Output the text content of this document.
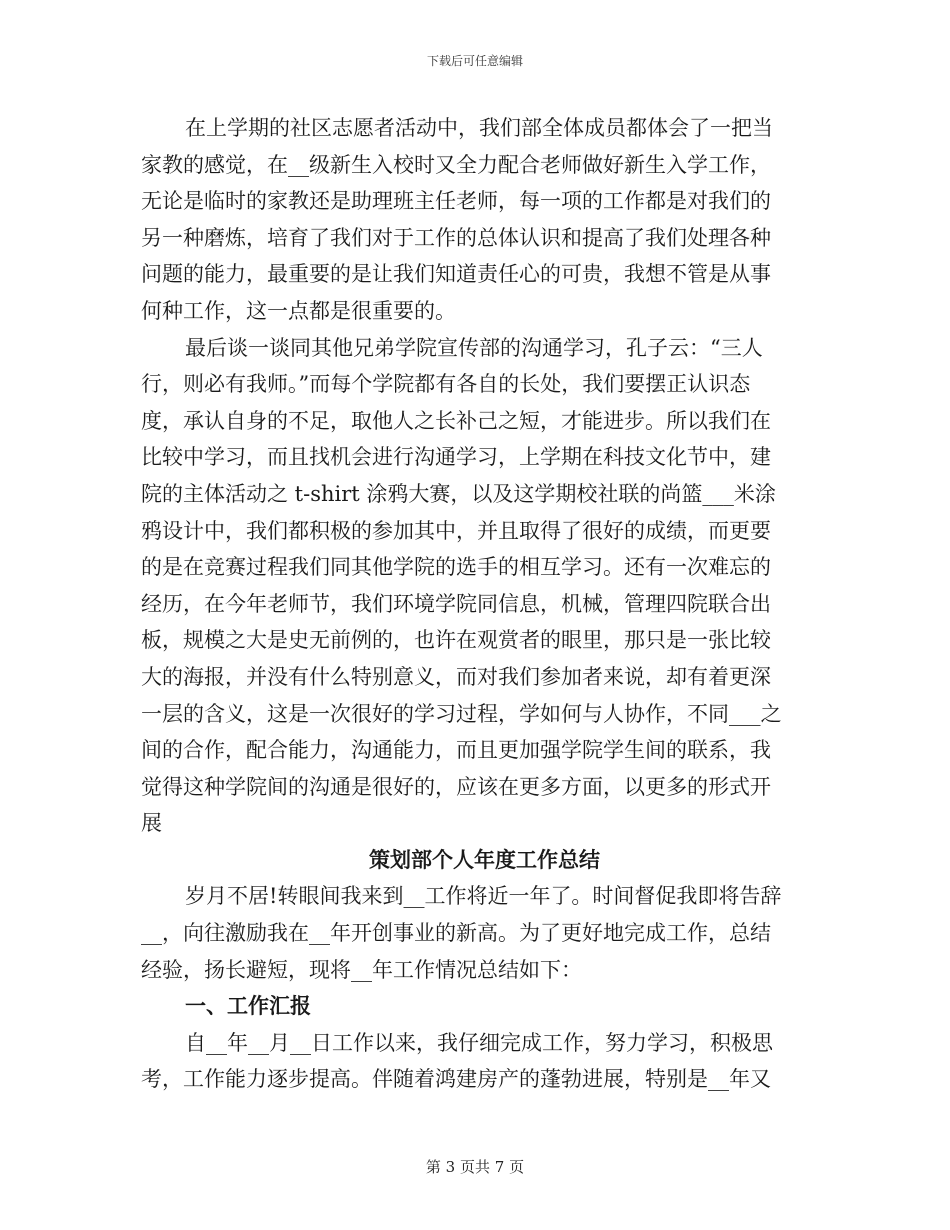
下载后可任意编辑
在上学期的社区志愿者活动中，我们部全体成员都体会了一把当
家教的感觉，在__级新生入校时又全力配合老师做好新生入学工作，
无论是临时的家教还是助理班主任老师，每一项的工作都是对我们的
另一种磨炼，培育了我们对于工作的总体认识和提高了我们处理各种
问题的能力，最重要的是让我们知道责任心的可贵，我想不管是从事
何种工作，这一点都是很重要的。
最后谈一谈同其他兄弟学院宣传部的沟通学习，孔子云：“三人
行，则必有我师。”而每个学院都有各自的长处，我们要摆正认识态
度，承认自身的不足，取他人之长补己之短，才能进步。所以我们在
比较中学习，而且找机会进行沟通学习，上学期在科技文化节中，建
院的主体活动之 t-shirt 涂鸦大赛，以及这学期校社联的尚篮___米涂
鸦设计中，我们都积极的参加其中，并且取得了很好的成绩，而更要
的是在竞赛过程我们同其他学院的选手的相互学习。还有一次难忘的
经历，在今年老师节，我们环境学院同信息，机械，管理四院联合出
板，规模之大是史无前例的，也许在观赏者的眼里，那只是一张比较
大的海报，并没有什么特别意义，而对我们参加者来说，却有着更深
一层的含义，这是一次很好的学习过程，学如何与人协作，不同___之
间的合作，配合能力，沟通能力，而且更加强学院学生间的联系，我
觉得这种学院间的沟通是很好的，应该在更多方面，以更多的形式开
展
策划部个人年度工作总结
岁月不居!转眼间我来到__工作将近一年了。时间督促我即将告辞
__，向往激励我在__年开创事业的新高。为了更好地完成工作，总结
经验，扬长避短，现将__年工作情况总结如下：
一、工作汇报
自__年__月__日工作以来，我仔细完成工作，努力学习，积极思
考，工作能力逐步提高。伴随着鸿建房产的蓬勃进展，特别是__年又
第 3 页共 7 页
